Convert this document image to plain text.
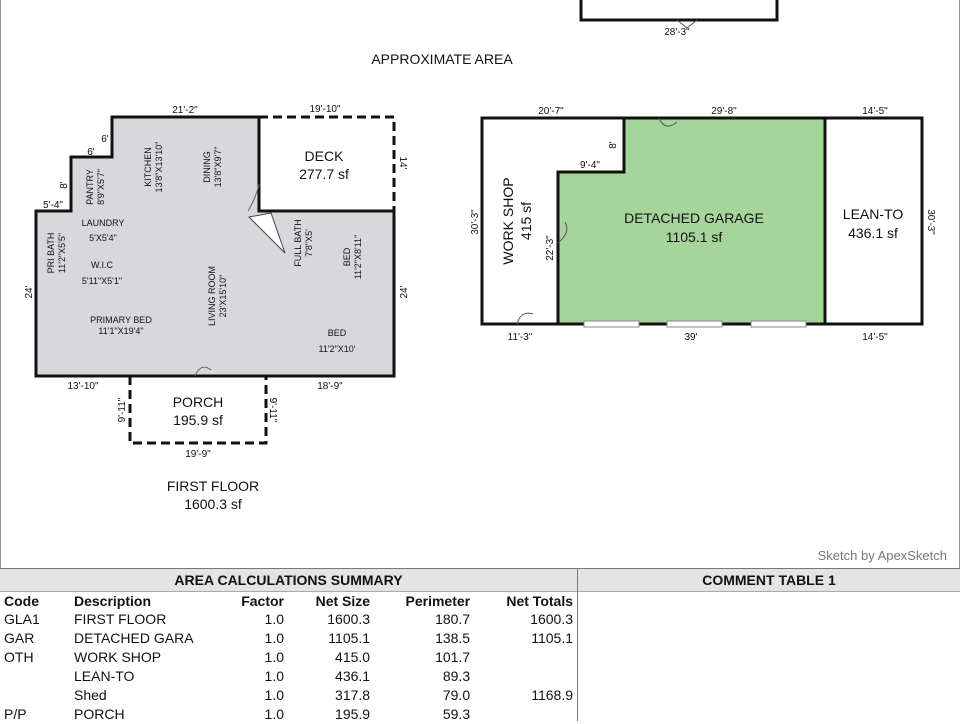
28'-3"
APPROXIMATE AREA
21'-2"
6'
6'
8'
5'-4"
24'	24'
13'-10"	18'-9"
PANTRY8'9"X5'7"
KITCHEN13'8"X13'10"	DINING13'8"X9'7"
LAUNDRY
5'X5'4"
PRI BATH11'2"X5'5"	W.I.C
5'11"X5'1"
PRIMARY BED
11'1"X19'4"
LIVING ROOM23'X15'10"
FULL BATH7'8"X5'
BED11'2"X8'11"
BED
11'2"X10'
DECK
277.7 sf
19'-10"
14'
PORCH
195.9 sf
9'-11"	9'-11"
19'-9"
FIRST FLOOR
1600.3 sf
DETACHED GARAGE
1105.1 sf
29'-8"
39'
8'
9'-4"
22'-3"
WORK SHOP 415 sf
20'-7"
30'-3"
11'-3"
LEAN-TO
436.1 sf
14'-5"
30'-3"
14'-5"
Sketch by ApexSketch
AREA CALCULATIONS SUMMARY
Code	Description	Factor	Net Size	Perimeter	Net Totals
GLA1	FIRST FLOOR	1.0	1600.3	180.7	1600.3
GAR	DETACHED GARA	1.0	1105.1	138.5	1105.1
OTH	WORK SHOP	1.0	415.0	101.7	
	LEAN-TO	1.0	436.1	89.3	
	Shed	1.0	317.8	79.0	1168.9
P/P	PORCH	1.0	195.9	59.3	
COMMENT TABLE 1
